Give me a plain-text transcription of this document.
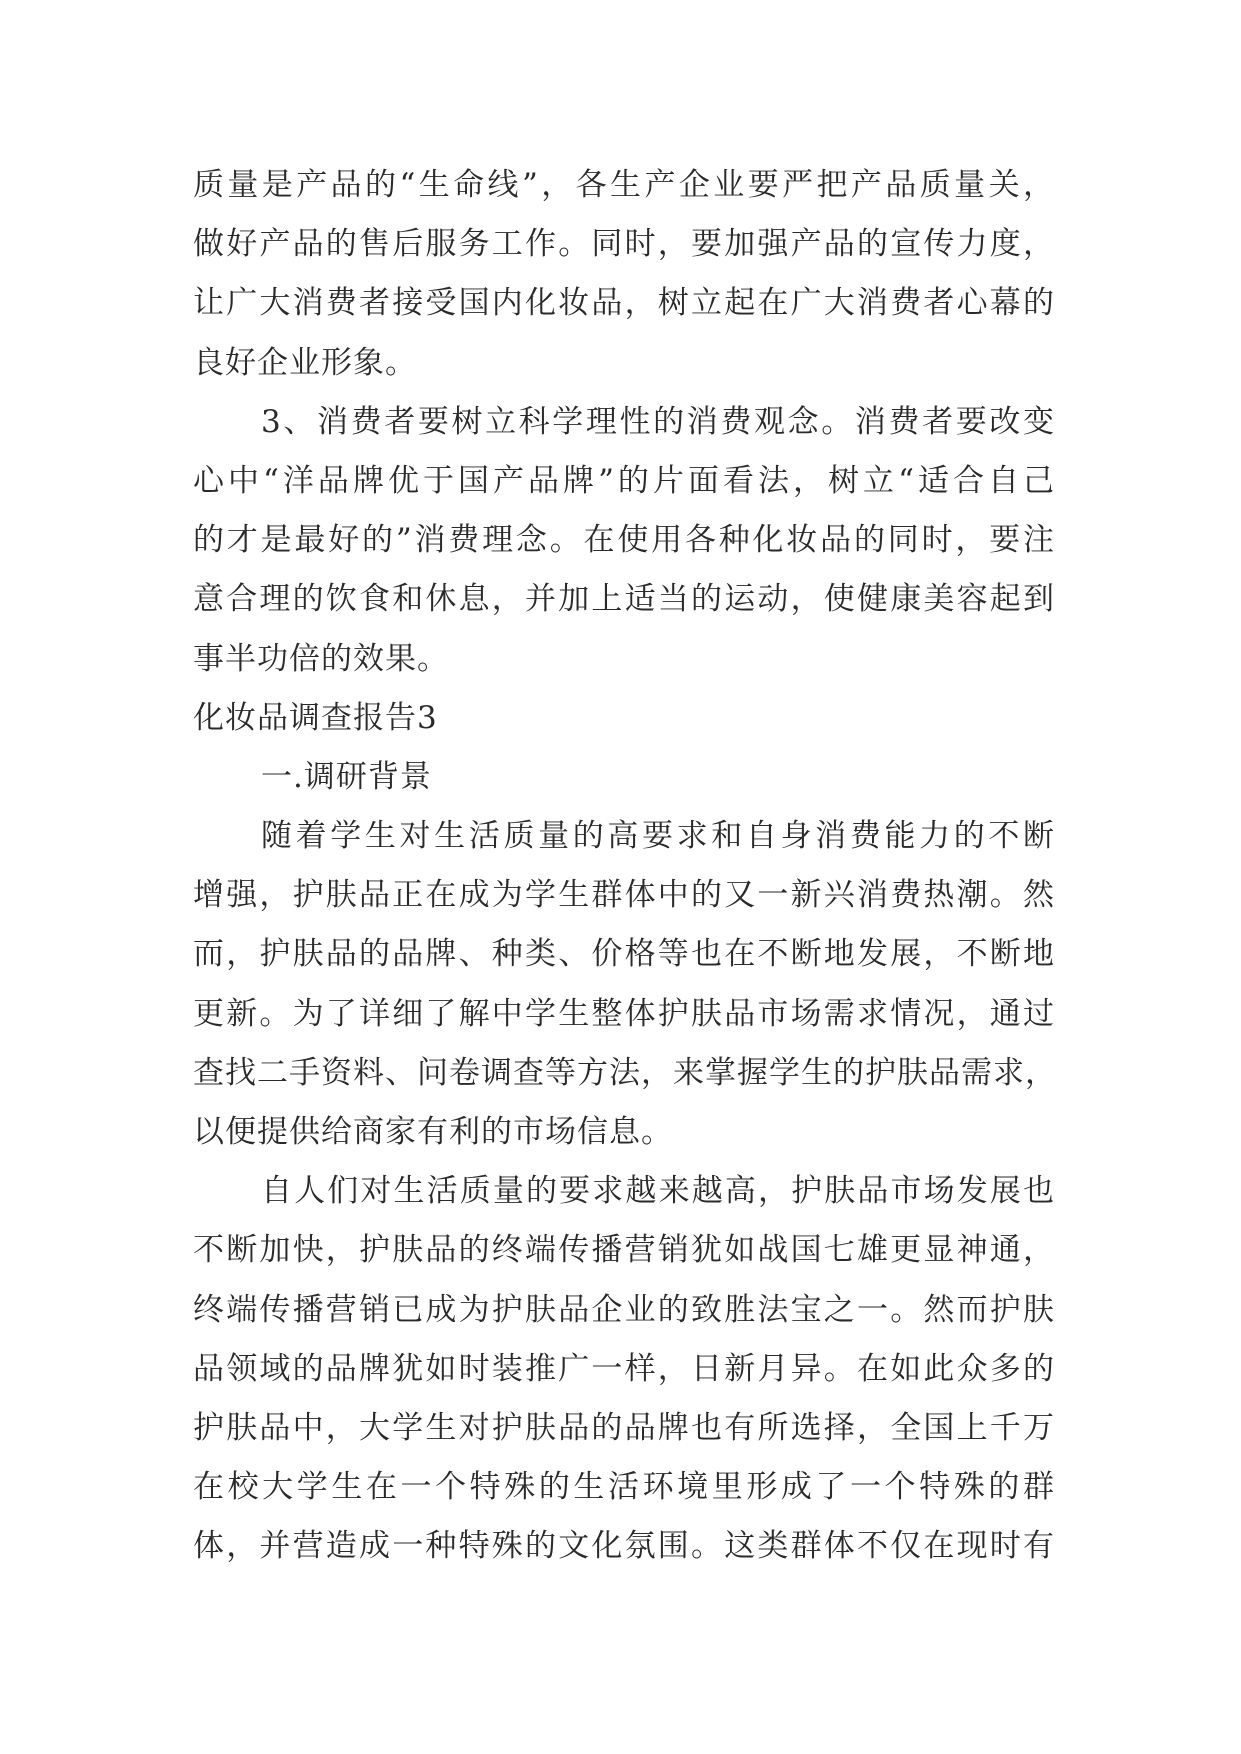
质量是产品的“生命线”，各生产企业要严把产品质量关，
做好产品的售后服务工作。同时，要加强产品的宣传力度，
让广大消费者接受国内化妆品，树立起在广大消费者心幕的
良好企业形象。
3、消费者要树立科学理性的消费观念。消费者要改变
心中“洋品牌优于国产品牌”的片面看法，树立“适合自己
的才是最好的”消费理念。在使用各种化妆品的同时，要注
意合理的饮食和休息，并加上适当的运动，使健康美容起到
事半功倍的效果。
化妆品调查报告3
一.调研背景
随着学生对生活质量的高要求和自身消费能力的不断
增强，护肤品正在成为学生群体中的又一新兴消费热潮。然
而，护肤品的品牌、种类、价格等也在不断地发展，不断地
更新。为了详细了解中学生整体护肤品市场需求情况，通过
查找二手资料、问卷调查等方法，来掌握学生的护肤品需求，
以便提供给商家有利的市场信息。
自人们对生活质量的要求越来越高，护肤品市场发展也
不断加快，护肤品的终端传播营销犹如战国七雄更显神通，
终端传播营销已成为护肤品企业的致胜法宝之一。然而护肤
品领域的品牌犹如时装推广一样，日新月异。在如此众多的
护肤品中，大学生对护肤品的品牌也有所选择，全国上千万
在校大学生在一个特殊的生活环境里形成了一个特殊的群
体，并营造成一种特殊的文化氛围。这类群体不仅在现时有
